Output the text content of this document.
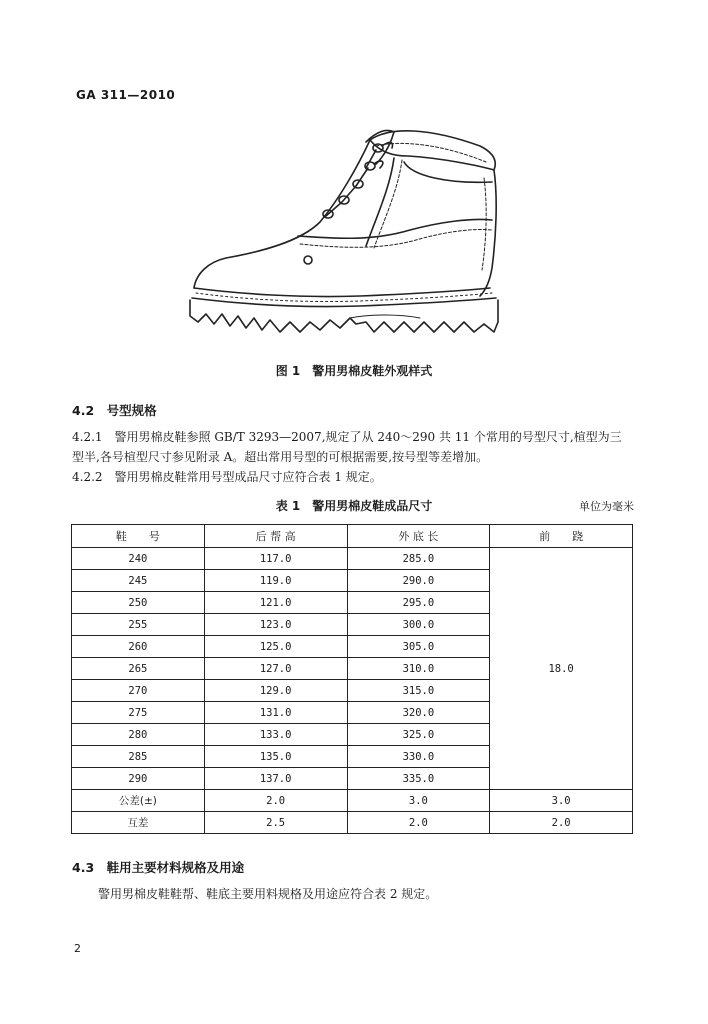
GA 311—2010
图 1　警用男棉皮鞋外观样式
4.2　号型规格
4.2.1　警用男棉皮鞋参照 GB/T 3293—2007,规定了从 240～290 共 11 个常用的号型尺寸,楦型为三型半,各号楦型尺寸参见附录 A。超出常用号型的可根据需要,按号型等差增加。
4.2.2　警用男棉皮鞋常用号型成品尺寸应符合表 1 规定。
表 1　警用男棉皮鞋成品尺寸	单位为毫米
鞋　　号	后 帮 高	外 底 长	前　　跷
240	117.0	285.0	18.0
245	119.0	290.0	
250	121.0	295.0	
255	123.0	300.0	
260	125.0	305.0	
265	127.0	310.0	
270	129.0	315.0	
275	131.0	320.0	
280	133.0	325.0	
285	135.0	330.0	
290	137.0	335.0	
公差(±)	2.0	3.0	3.0
互差	2.5	2.0	2.0
4.3　鞋用主要材料规格及用途
警用男棉皮鞋鞋帮、鞋底主要用料规格及用途应符合表 2 规定。
2
